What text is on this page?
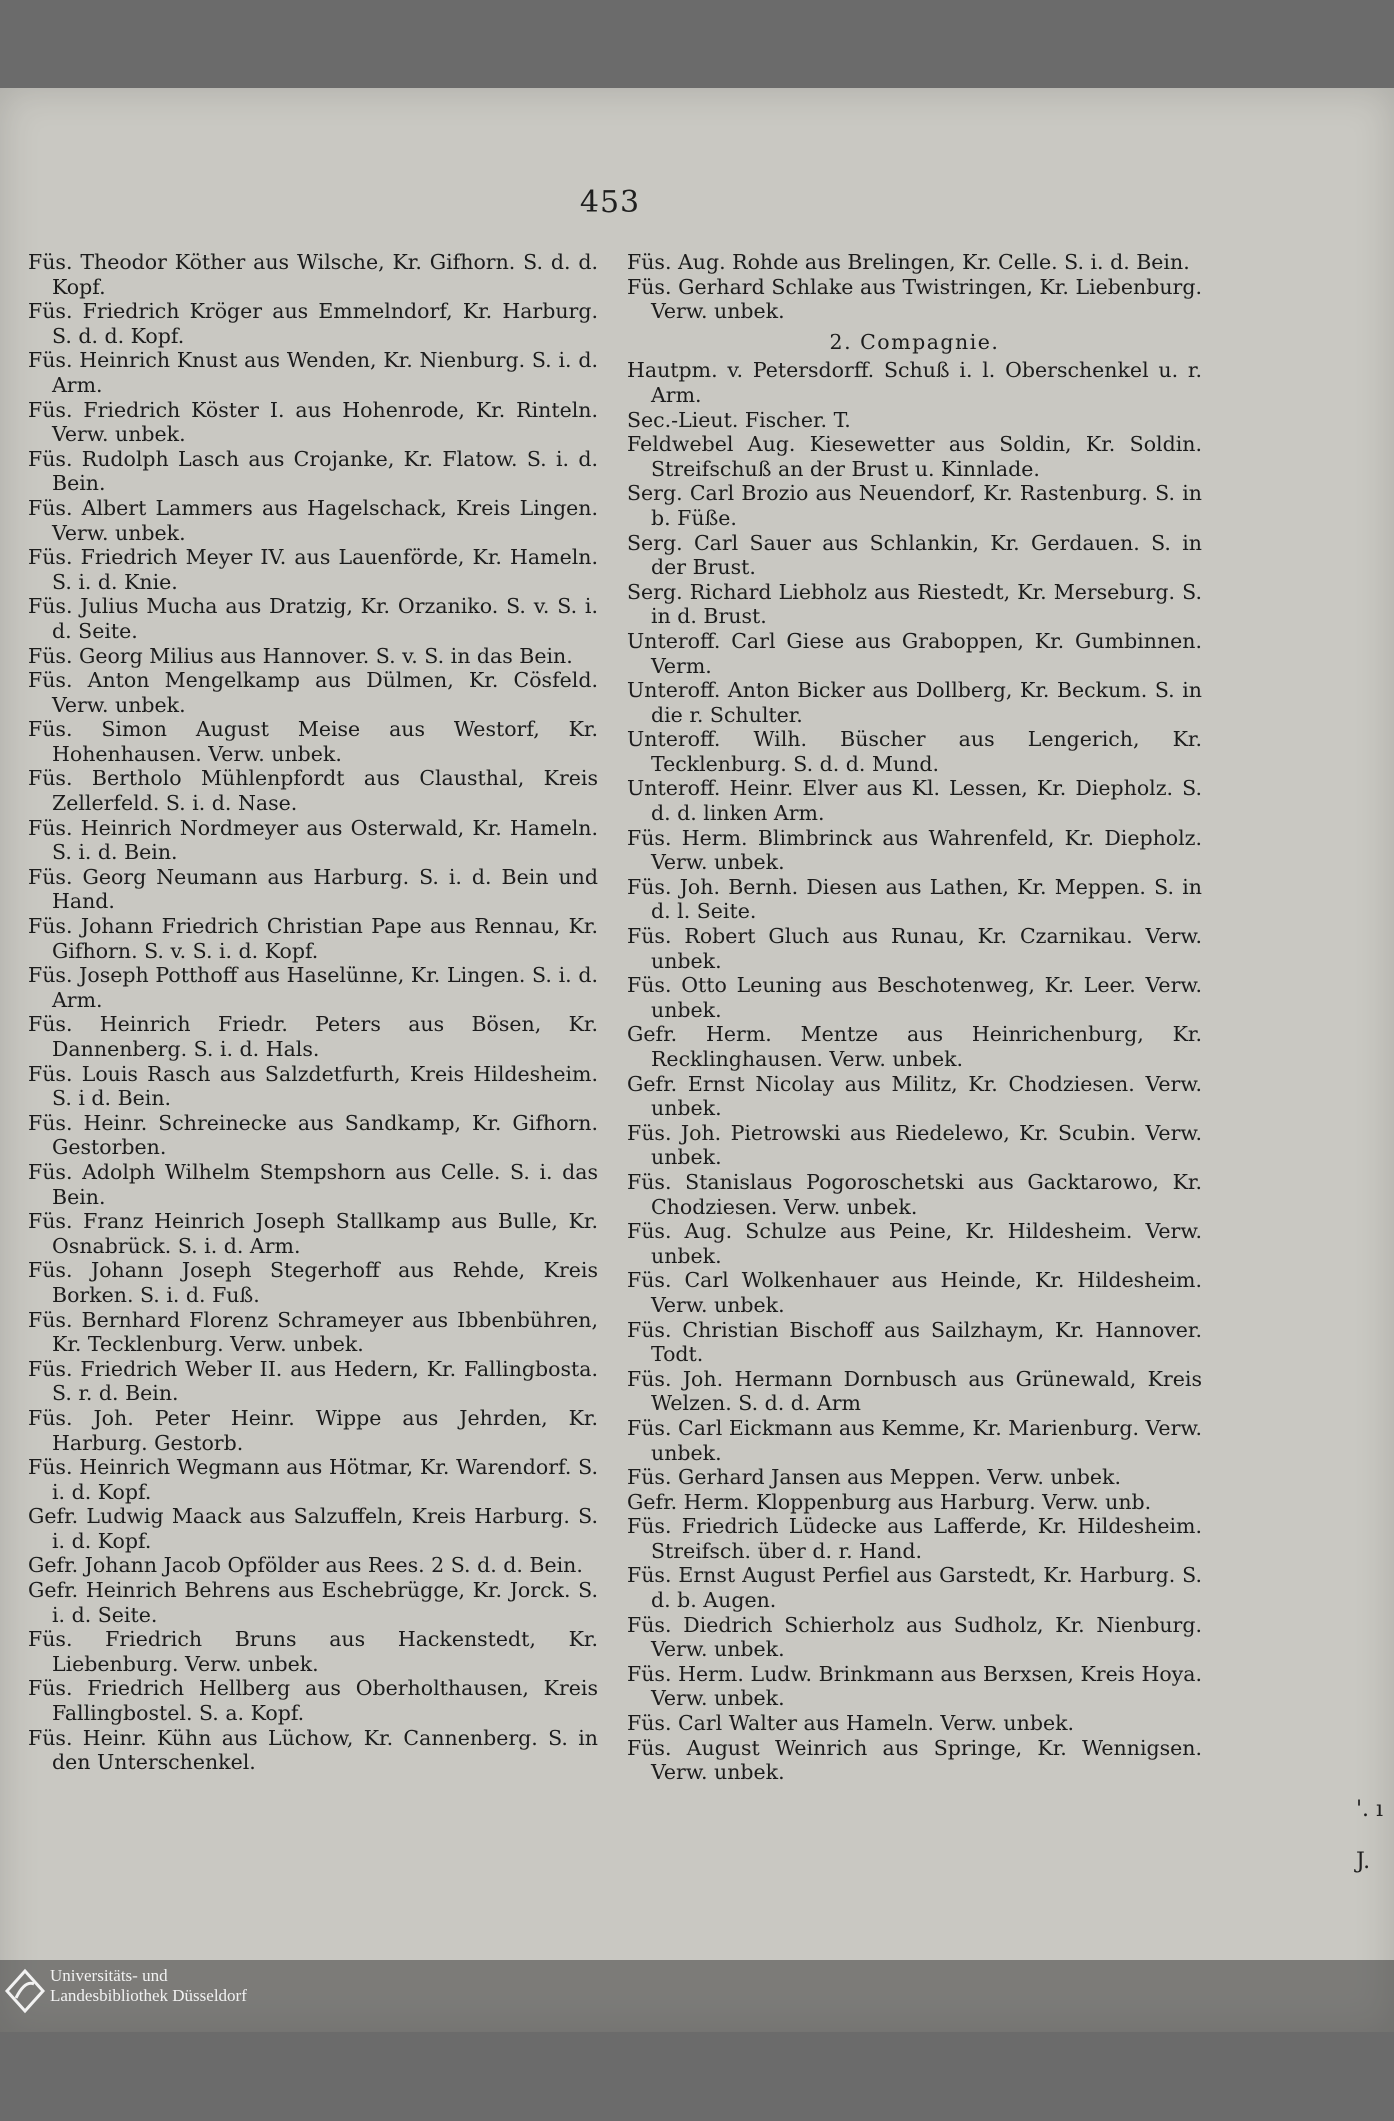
453

Füs. Theodor Köther aus Wilsche, Kr. Gifhorn. S. d. d. Kopf.

Füs. Friedrich Kröger aus Emmelndorf, Kr. Harburg. S. d. d. Kopf.

Füs. Heinrich Knust aus Wenden, Kr. Nienburg. S. i. d. Arm.

Füs. Friedrich Köster I. aus Hohenrode, Kr. Rinteln. Verw. unbek.

Füs. Rudolph Lasch aus Crojanke, Kr. Flatow. S. i. d. Bein.

Füs. Albert Lammers aus Hagelschack, Kreis Lingen. Verw. unbek.

Füs. Friedrich Meyer IV. aus Lauenförde, Kr. Hameln. S. i. d. Knie.

Füs. Julius Mucha aus Dratzig, Kr. Orzaniko. S. v. S. i. d. Seite.

Füs. Georg Milius aus Hannover. S. v. S. in das Bein.

Füs. Anton Mengelkamp aus Dülmen, Kr. Cösfeld. Verw. unbek.

Füs. Simon August Meise aus Westorf, Kr. Hohenhausen. Verw. unbek.

Füs. Bertholo Mühlenpfordt aus Clausthal, Kreis Zellerfeld. S. i. d. Nase.

Füs. Heinrich Nordmeyer aus Osterwald, Kr. Hameln. S. i. d. Bein.

Füs. Georg Neumann aus Harburg. S. i. d. Bein und Hand.

Füs. Johann Friedrich Christian Pape aus Rennau, Kr. Gifhorn. S. v. S. i. d. Kopf.

Füs. Joseph Potthoff aus Haselünne, Kr. Lingen. S. i. d. Arm.

Füs. Heinrich Friedr. Peters aus Bösen, Kr. Dannenberg. S. i. d. Hals.

Füs. Louis Rasch aus Salzdetfurth, Kreis Hildesheim. S. i d. Bein.

Füs. Heinr. Schreinecke aus Sandkamp, Kr. Gifhorn. Gestorben.

Füs. Adolph Wilhelm Stempshorn aus Celle. S. i. das Bein.

Füs. Franz Heinrich Joseph Stallkamp aus Bulle, Kr. Osnabrück. S. i. d. Arm.

Füs. Johann Joseph Stegerhoff aus Rehde, Kreis Borken. S. i. d. Fuß.

Füs. Bernhard Florenz Schrameyer aus Ibbenbühren, Kr. Tecklenburg. Verw. unbek.

Füs. Friedrich Weber II. aus Hedern, Kr. Fallingbosta. S. r. d. Bein.

Füs. Joh. Peter Heinr. Wippe aus Jehrden, Kr. Harburg. Gestorb.

Füs. Heinrich Wegmann aus Hötmar, Kr. Warendorf. S. i. d. Kopf.

Gefr. Ludwig Maack aus Salzuffeln, Kreis Harburg. S. i. d. Kopf.

Gefr. Johann Jacob Opfölder aus Rees. 2 S. d. d. Bein.

Gefr. Heinrich Behrens aus Eschebrügge, Kr. Jorck. S. i. d. Seite.

Füs. Friedrich Bruns aus Hackenstedt, Kr. Liebenburg. Verw. unbek.

Füs. Friedrich Hellberg aus Oberholthausen, Kreis Fallingbostel. S. a. Kopf.

Füs. Heinr. Kühn aus Lüchow, Kr. Cannenberg. S. in den Unterschenkel.

Füs. Aug. Rohde aus Brelingen, Kr. Celle. S. i. d. Bein.

Füs. Gerhard Schlake aus Twistringen, Kr. Liebenburg. Verw. unbek.

2. Compagnie.

Hautpm. v. Petersdorff. Schuß i. l. Oberschenkel u. r. Arm.

Sec.-Lieut. Fischer. T.

Feldwebel Aug. Kiesewetter aus Soldin, Kr. Soldin. Streifschuß an der Brust u. Kinnlade.

Serg. Carl Brozio aus Neuendorf, Kr. Rastenburg. S. in b. Füße.

Serg. Carl Sauer aus Schlankin, Kr. Gerdauen. S. in der Brust.

Serg. Richard Liebholz aus Riestedt, Kr. Merseburg. S. in d. Brust.

Unteroff. Carl Giese aus Graboppen, Kr. Gumbinnen. Verm.

Unteroff. Anton Bicker aus Dollberg, Kr. Beckum. S. in die r. Schulter.

Unteroff. Wilh. Büscher aus Lengerich, Kr. Tecklenburg. S. d. d. Mund.

Unteroff. Heinr. Elver aus Kl. Lessen, Kr. Diepholz. S. d. d. linken Arm.

Füs. Herm. Blimbrinck aus Wahrenfeld, Kr. Diepholz. Verw. unbek.

Füs. Joh. Bernh. Diesen aus Lathen, Kr. Meppen. S. in d. l. Seite.

Füs. Robert Gluch aus Runau, Kr. Czarnikau. Verw. unbek.

Füs. Otto Leuning aus Beschotenweg, Kr. Leer. Verw. unbek.

Gefr. Herm. Mentze aus Heinrichenburg, Kr. Recklinghausen. Verw. unbek.

Gefr. Ernst Nicolay aus Militz, Kr. Chodziesen. Verw. unbek.

Füs. Joh. Pietrowski aus Riedelewo, Kr. Scubin. Verw. unbek.

Füs. Stanislaus Pogoroschetski aus Gacktarowo, Kr. Chodziesen. Verw. unbek.

Füs. Aug. Schulze aus Peine, Kr. Hildesheim. Verw. unbek.

Füs. Carl Wolkenhauer aus Heinde, Kr. Hildesheim. Verw. unbek.

Füs. Christian Bischoff aus Sailzhaym, Kr. Hannover. Todt.

Füs. Joh. Hermann Dornbusch aus Grünewald, Kreis Welzen. S. d. d. Arm

Füs. Carl Eickmann aus Kemme, Kr. Marienburg. Verw. unbek.

Füs. Gerhard Jansen aus Meppen. Verw. unbek.

Gefr. Herm. Kloppenburg aus Harburg. Verw. unb.

Füs. Friedrich Lüdecke aus Lafferde, Kr. Hildesheim. Streifsch. über d. r. Hand.

Füs. Ernst August Perfiel aus Garstedt, Kr. Harburg. S. d. b. Augen.

Füs. Diedrich Schierholz aus Sudholz, Kr. Nienburg. Verw. unbek.

Füs. Herm. Ludw. Brinkmann aus Berxsen, Kreis Hoya. Verw. unbek.

Füs. Carl Walter aus Hameln. Verw. unbek.

Füs. August Weinrich aus Springe, Kr. Wennigsen. Verw. unbek.

'. ı
J.
Universitäts- und
Landesbibliothek Düsseldorf
